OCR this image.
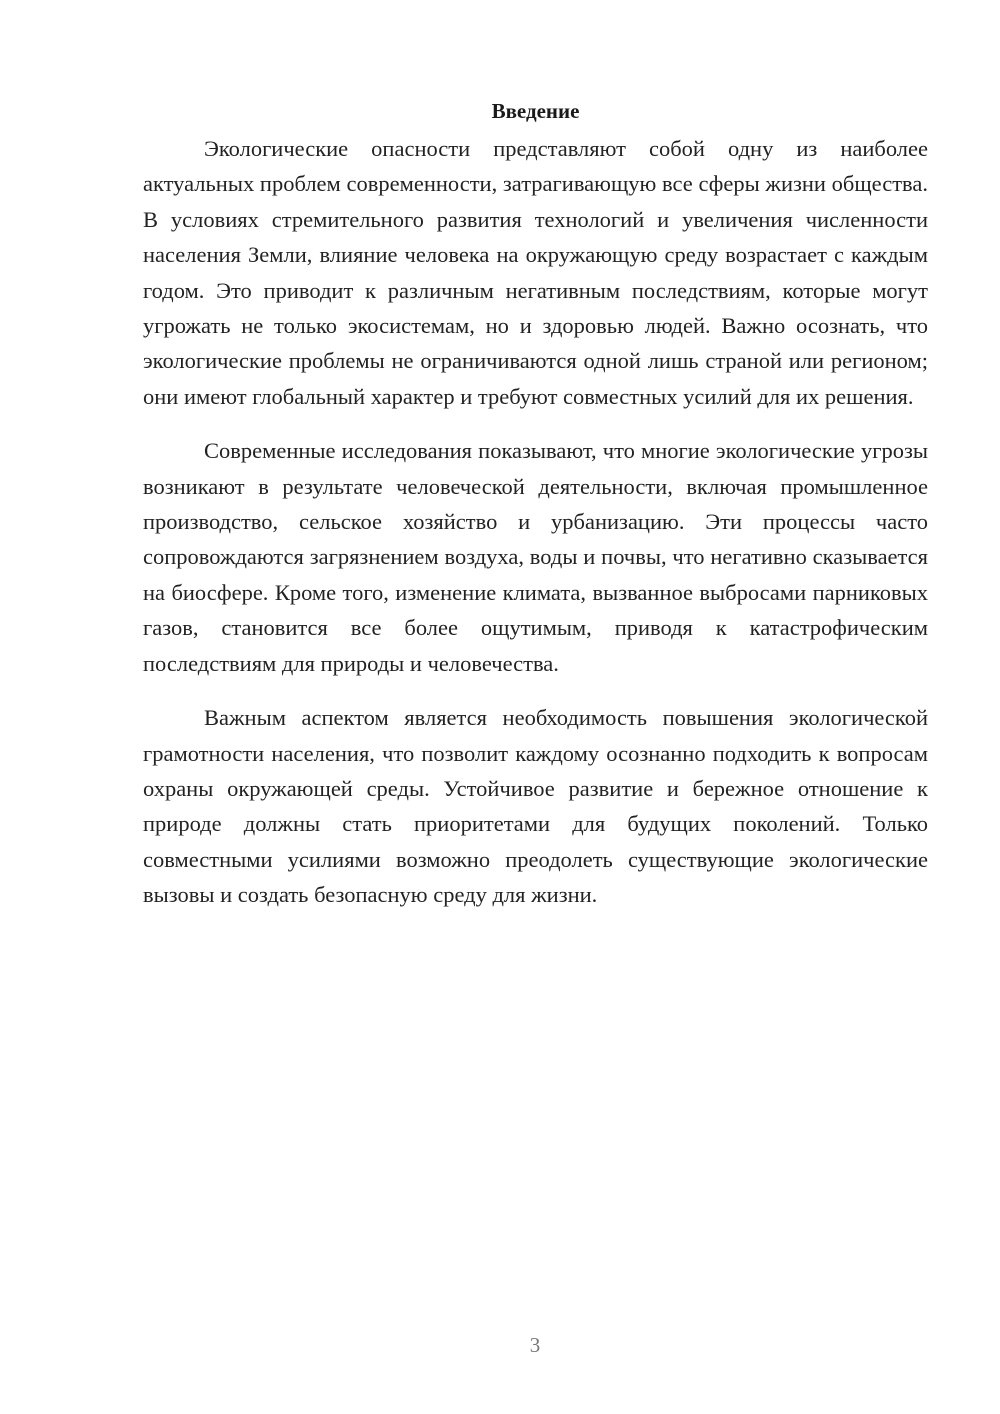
Введение

Экологические опасности представляют собой одну из наиболее актуальных проблем современности, затрагивающую все сферы жизни общества. В условиях стремительного развития технологий и увеличения численности населения Земли, влияние человека на окружающую среду возрастает с каждым годом. Это приводит к различным негативным последствиям, которые могут угрожать не только экосистемам, но и здоровью людей. Важно осознать, что экологические проблемы не ограничиваются одной лишь страной или регионом; они имеют глобальный характер и требуют совместных усилий для их решения.

Современные исследования показывают, что многие экологические угрозы возникают в результате человеческой деятельности, включая промышленное производство, сельское хозяйство и урбанизацию. Эти процессы часто сопровождаются загрязнением воздуха, воды и почвы, что негативно сказывается на биосфере. Кроме того, изменение климата, вызванное выбросами парниковых газов, становится все более ощутимым, приводя к катастрофическим последствиям для природы и человечества.

Важным аспектом является необходимость повышения экологической грамотности населения, что позволит каждому осознанно подходить к вопросам охраны окружающей среды. Устойчивое развитие и бережное отношение к природе должны стать приоритетами для будущих поколений. Только совместными усилиями возможно преодолеть существующие экологические вызовы и создать безопасную среду для жизни.

3
